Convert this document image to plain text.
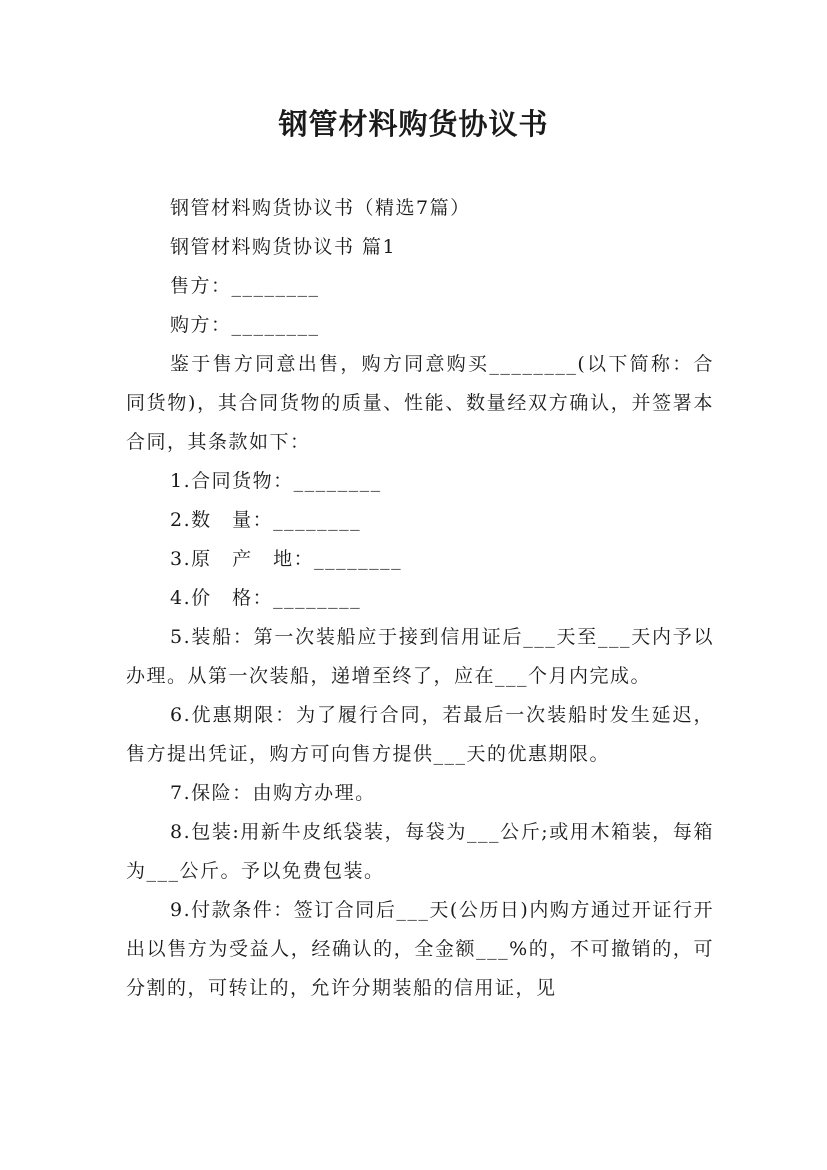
钢管材料购货协议书

钢管材料购货协议书（精选7篇）

钢管材料购货协议书 篇1

售方：________

购方：________

鉴于售方同意出售，购方同意购买________(以下简称：合同货物)，其合同货物的质量、性能、数量经双方确认，并签署本合同，其条款如下：

1.合同货物：________

2.数　量：________

3.原　产　地：________

4.价　格：________

5.装船：第一次装船应于接到信用证后___天至___天内予以办理。从第一次装船，递增至终了，应在___个月内完成。

6.优惠期限：为了履行合同，若最后一次装船时发生延迟，售方提出凭证，购方可向售方提供___天的优惠期限。

7.保险：由购方办理。

8.包装:用新牛皮纸袋装，每袋为___公斤;或用木箱装，每箱为___公斤。予以免费包装。

9.付款条件：签订合同后___天(公历日)内购方通过开证行开出以售方为受益人，经确认的，全金额___%的，不可撤销的，可分割的，可转让的，允许分期装船的信用证，见
